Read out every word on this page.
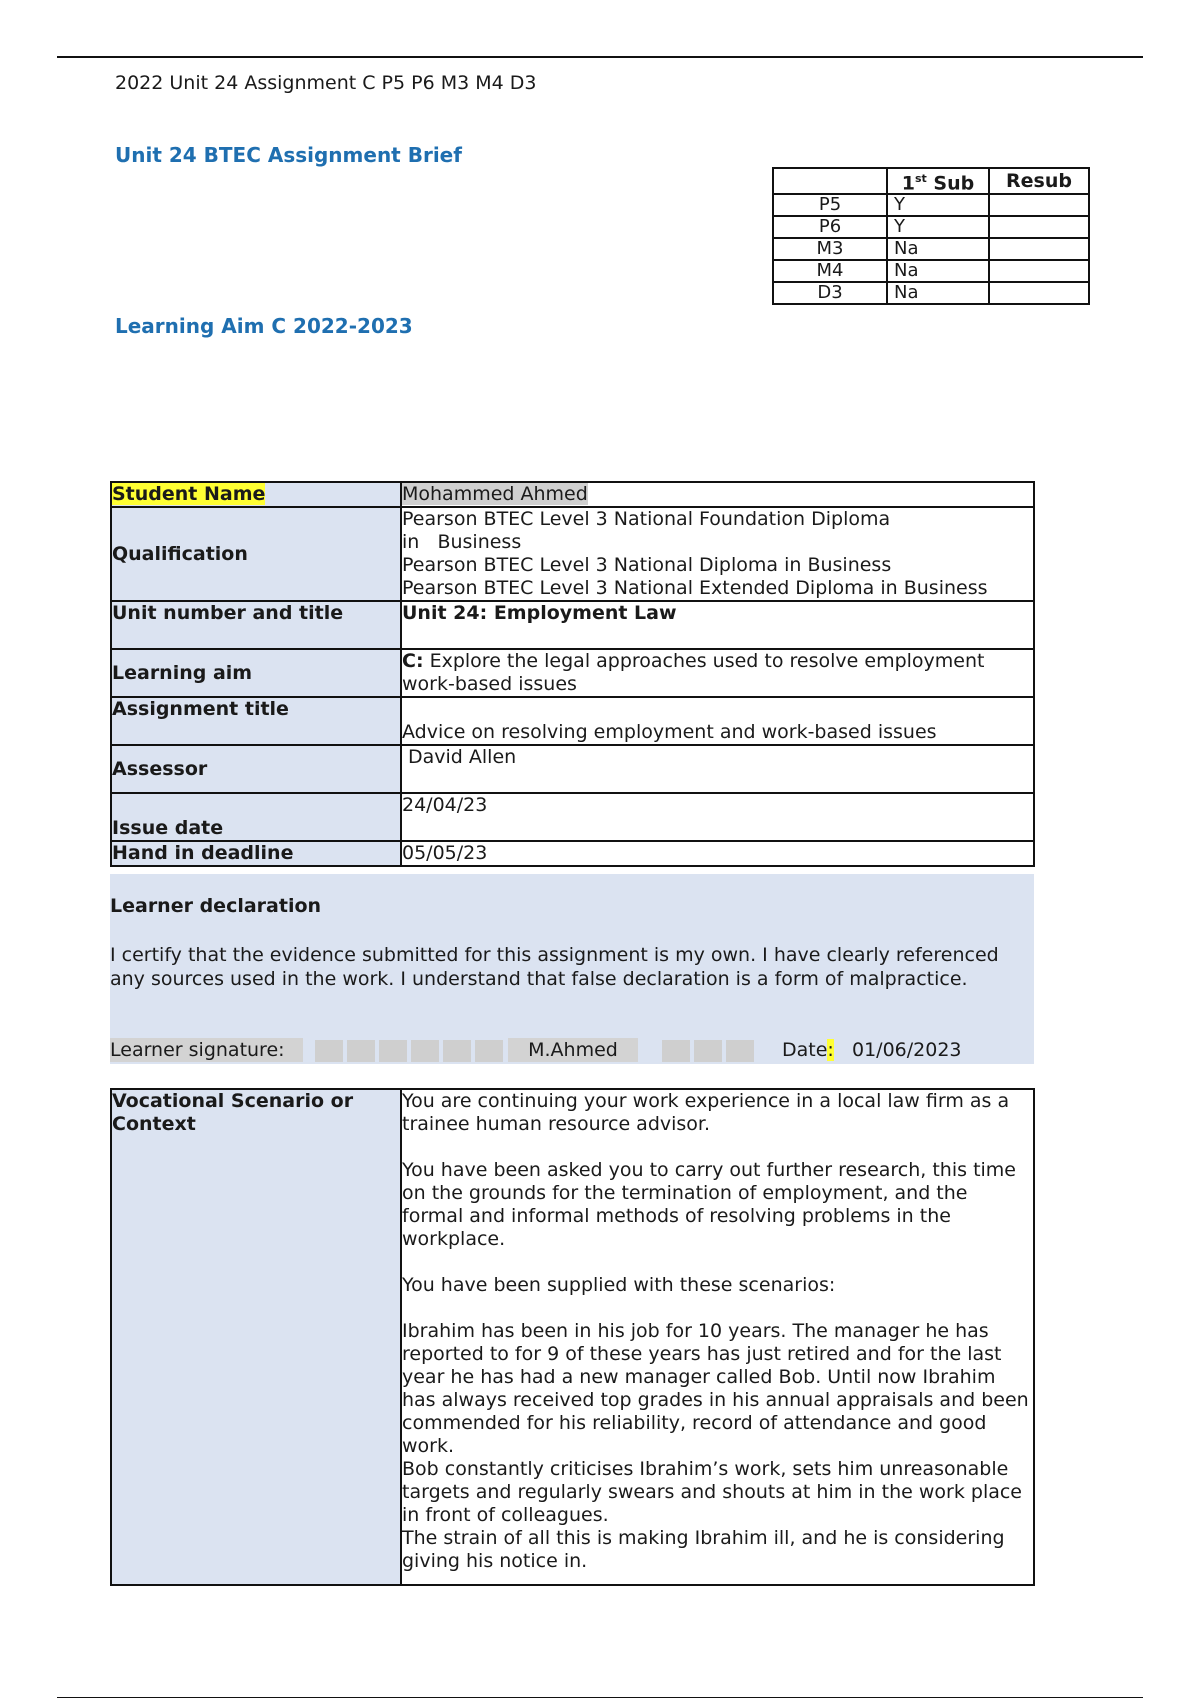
2022 Unit 24 Assignment C P5 P6 M3 M4 D3
Unit 24 BTEC Assignment Brief
Learning Aim C 2022-2023
	1st Sub	Resub
P5	Y	
P6	Y	
M3	Na	
M4	Na	
D3	Na	
Student Name	Mohammed Ahmed
Qualification	Pearson BTEC Level 3 National Foundation Diploma
in   Business
Pearson BTEC Level 3 National Diploma in Business
Pearson BTEC Level 3 National Extended Diploma in Business

Unit number and title	Unit 24: Employment Law
Learning aim	C: Explore the legal approaches used to resolve employment work-based issues
Assignment title	Advice on resolving employment and work-based issues
Assessor	David Allen
Issue date	24/04/23
Hand in deadline	05/05/23
Learner declaration
I certify that the evidence submitted for this assignment is my own. I have clearly referenced any sources used in the work. I understand that false declaration is a form of malpractice.
Learner signature:	M.Ahmed	Date: 01/06/2023
Vocational Scenario or Context	

You are continuing your work experience in a local law firm as a trainee human resource advisor.

You have been asked you to carry out further research, this time on the grounds for the termination of employment, and the formal and informal methods of resolving problems in the workplace.

You have been supplied with these scenarios:

Ibrahim has been in his job for 10 years. The manager he has reported to for 9 of these years has just retired and for the last year he has had a new manager called Bob. Until now Ibrahim has always received top grades in his annual appraisals and been commended for his reliability, record of attendance and good work.
Bob constantly criticises Ibrahim’s work, sets him unreasonable targets and regularly swears and shouts at him in the work place in front of colleagues.
The strain of all this is making Ibrahim ill, and he is considering giving his notice in.
